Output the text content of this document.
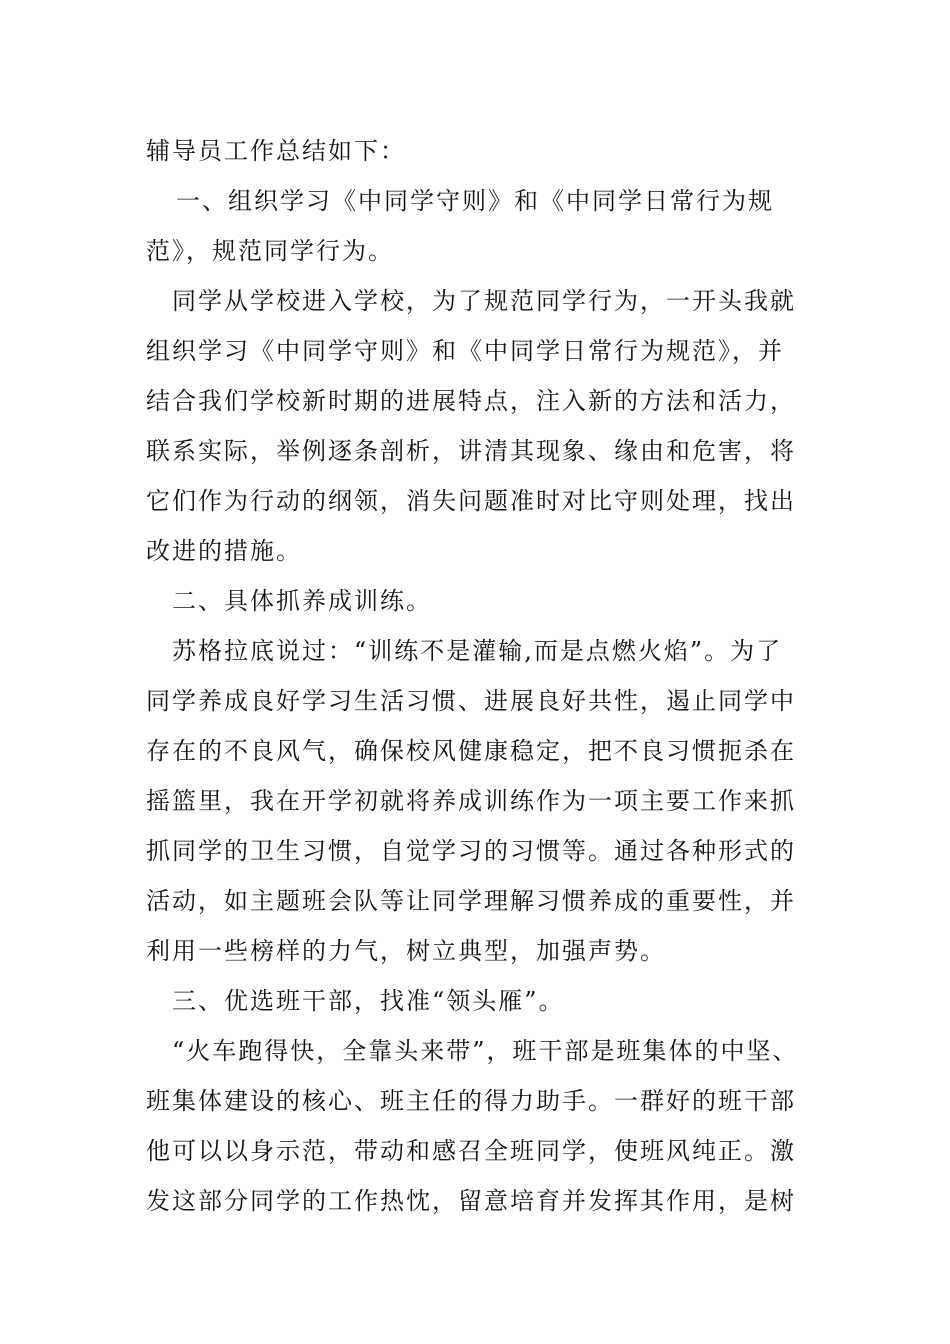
辅导员工作总结如下：
一、组织学习《中同学守则》和《中同学日常行为规
范》，规范同学行为。
同学从学校进入学校，为了规范同学行为，一开头我就
组织学习《中同学守则》和《中同学日常行为规范》，并
结合我们学校新时期的进展特点，注入新的方法和活力，
联系实际，举例逐条剖析，讲清其现象、缘由和危害，将
它们作为行动的纲领，消失问题准时对比守则处理，找出
改进的措施。
二、具体抓养成训练。
苏格拉底说过：“训练不是灌输,而是点燃火焰”。为了
同学养成良好学习生活习惯、进展良好共性，遏止同学中
存在的不良风气，确保校风健康稳定，把不良习惯扼杀在
摇篮里，我在开学初就将养成训练作为一项主要工作来抓
抓同学的卫生习惯，自觉学习的习惯等。通过各种形式的
活动，如主题班会队等让同学理解习惯养成的重要性，并
利用一些榜样的力气，树立典型，加强声势。
三、优选班干部，找准“领头雁”。
“火车跑得快，全靠头来带”，班干部是班集体的中坚、
班集体建设的核心、班主任的得力助手。一群好的班干部
他可以以身示范，带动和感召全班同学，使班风纯正。激
发这部分同学的工作热忱，留意培育并发挥其作用，是树
